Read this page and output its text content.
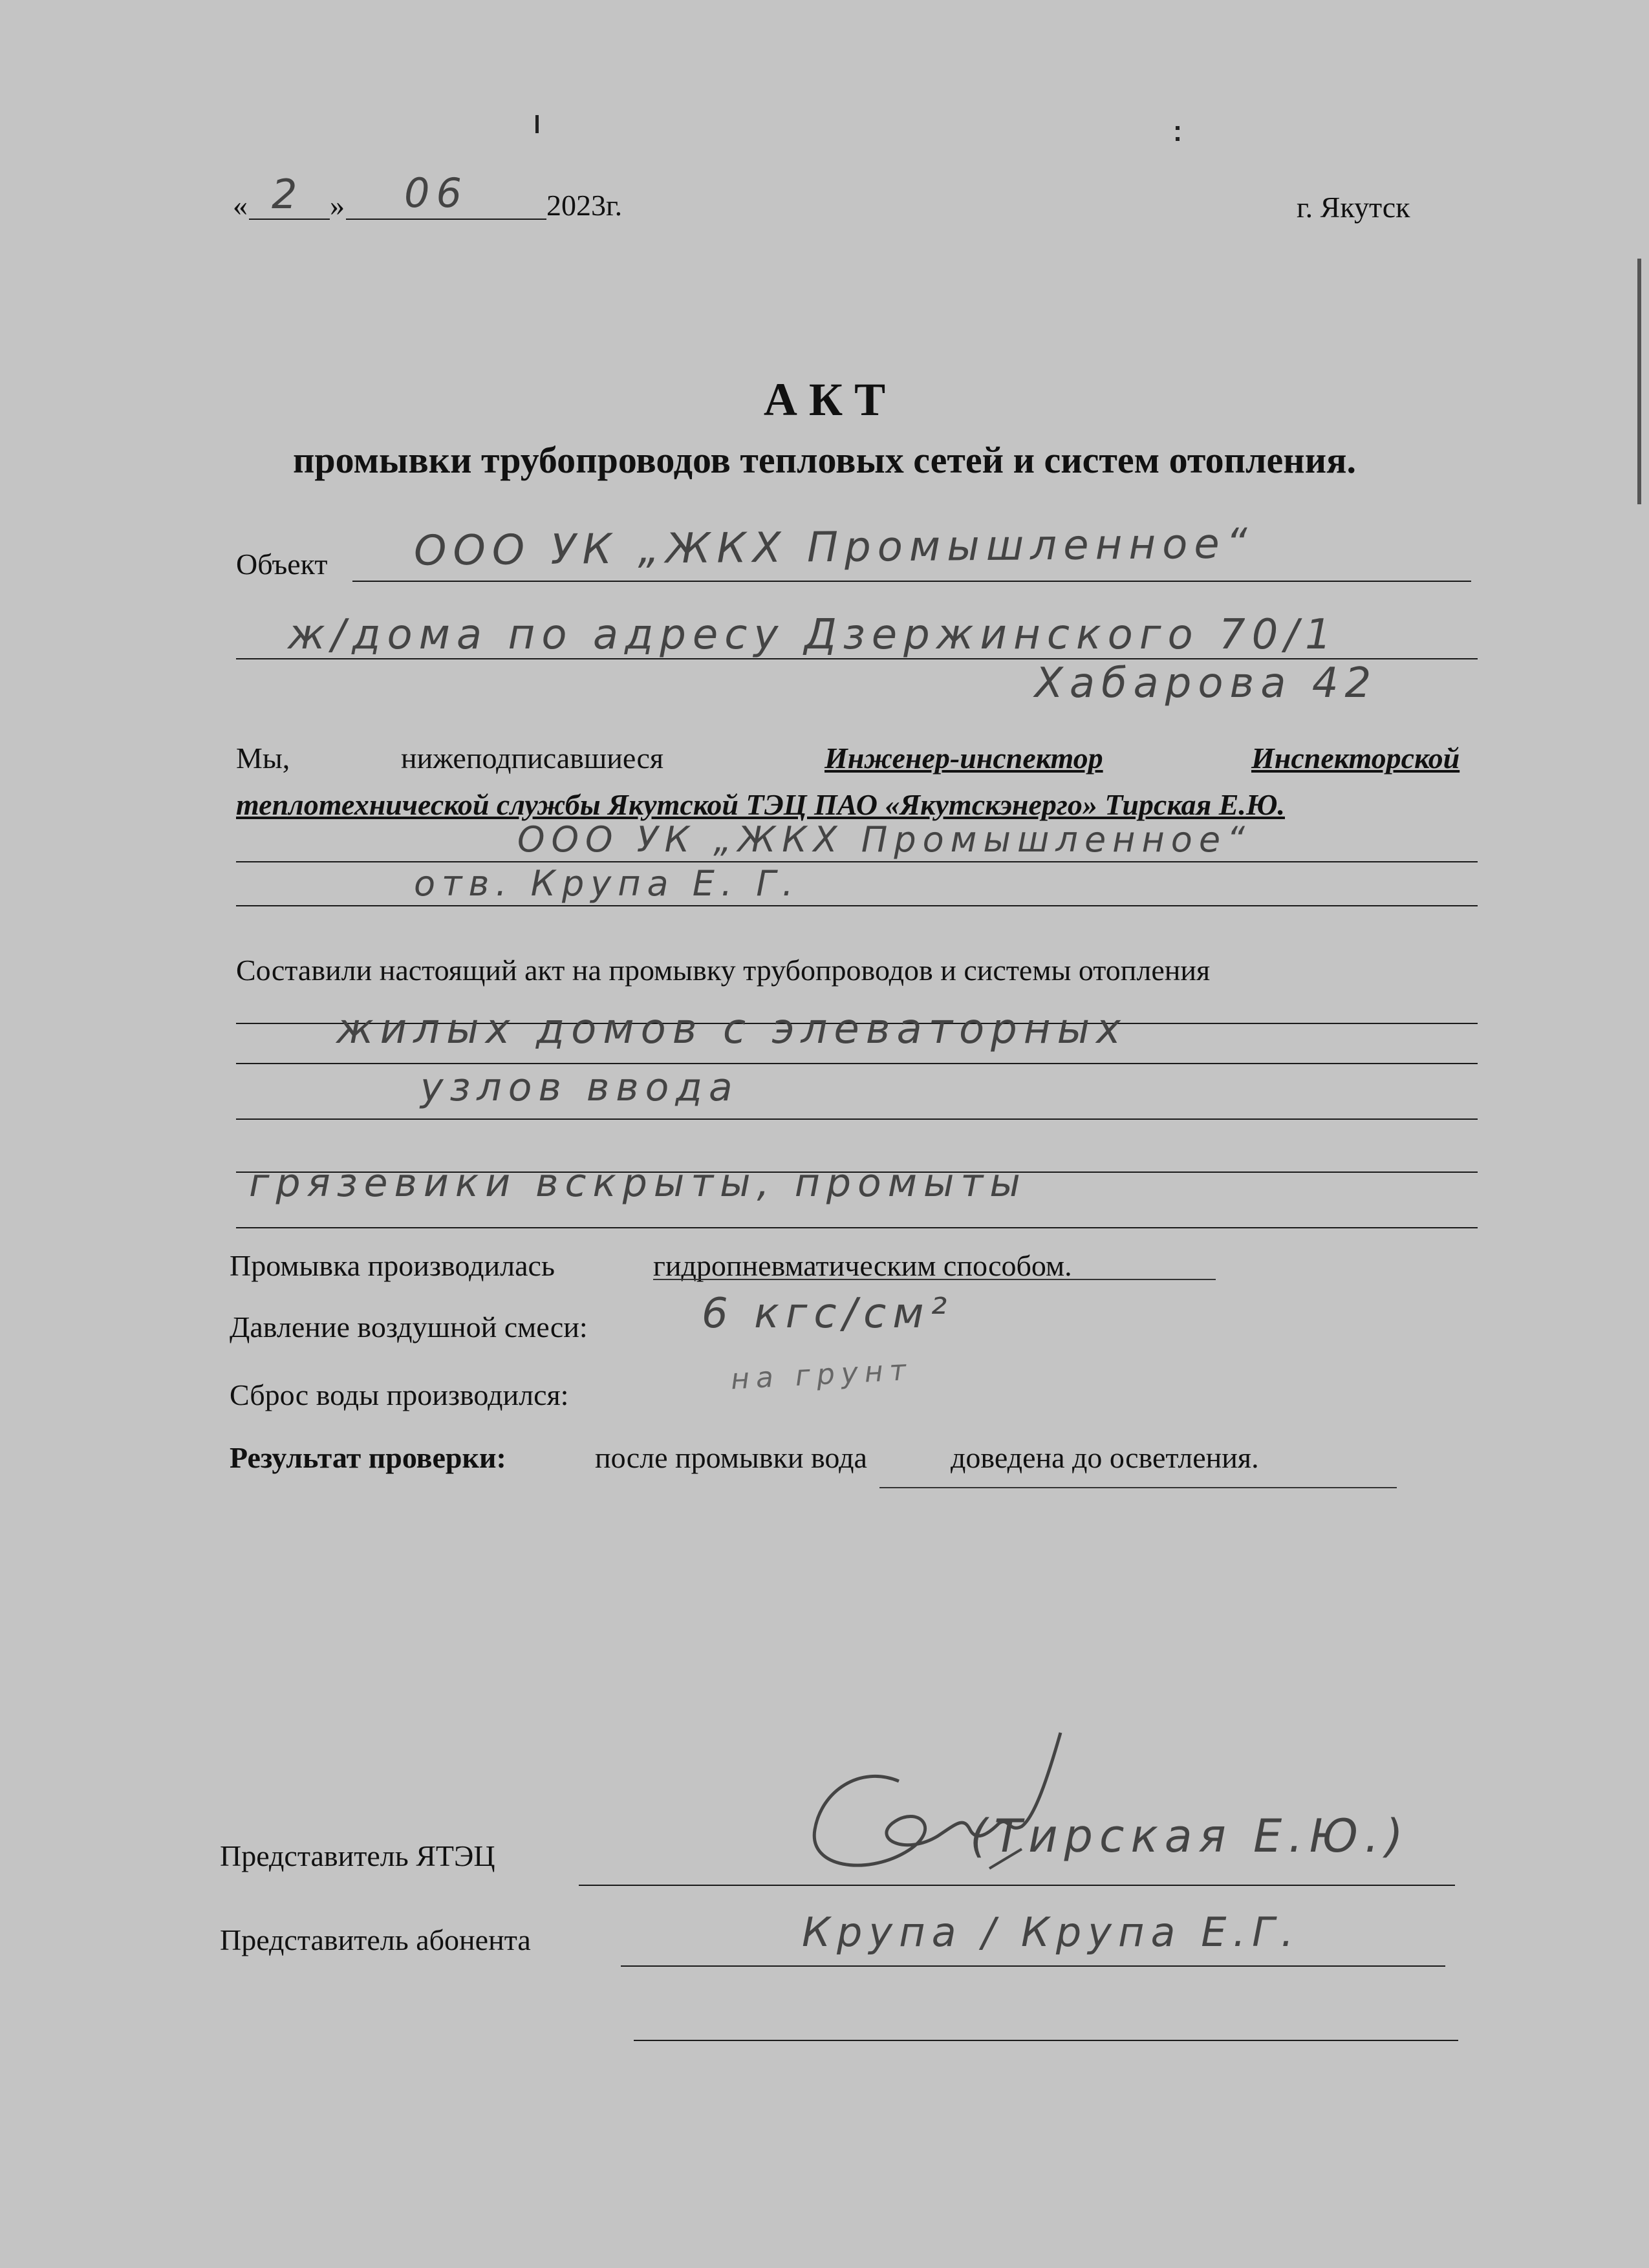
« 2 » 06	2023г.	г. Якутск
А К Т
промывки трубопроводов тепловых сетей и систем отопления.
Объект ООО УК „ЖКХ Промышленное“
ж/дома по адресу Дзержинского 70/1
Хабарова 42
Мы,	нижеподписавшиеся	Инженер-инспектор	Инспекторской
теплотехнической службы Якутской ТЭЦ ПАО «Якутскэнерго» Тирская Е.Ю.
ООО УК „ЖКХ Промышленное“
отв. Крупа Е. Г.
Составили настоящий акт на промывку трубопроводов и системы отопления
жилых домов с элеваторных
узлов ввода
грязевики вскрыты, промыты
Промывка производилась	гидропневматическим способом.
Давление воздушной смеси:	6 кгс/см²
Сброс воды производился:	на грунт
Результат проверки:	после промывки вода	доведена до осветления.
Представитель ЯТЭЦ	(Тирская Е.Ю.)
Представитель абонента	Крупа / Крупа Е.Г.
